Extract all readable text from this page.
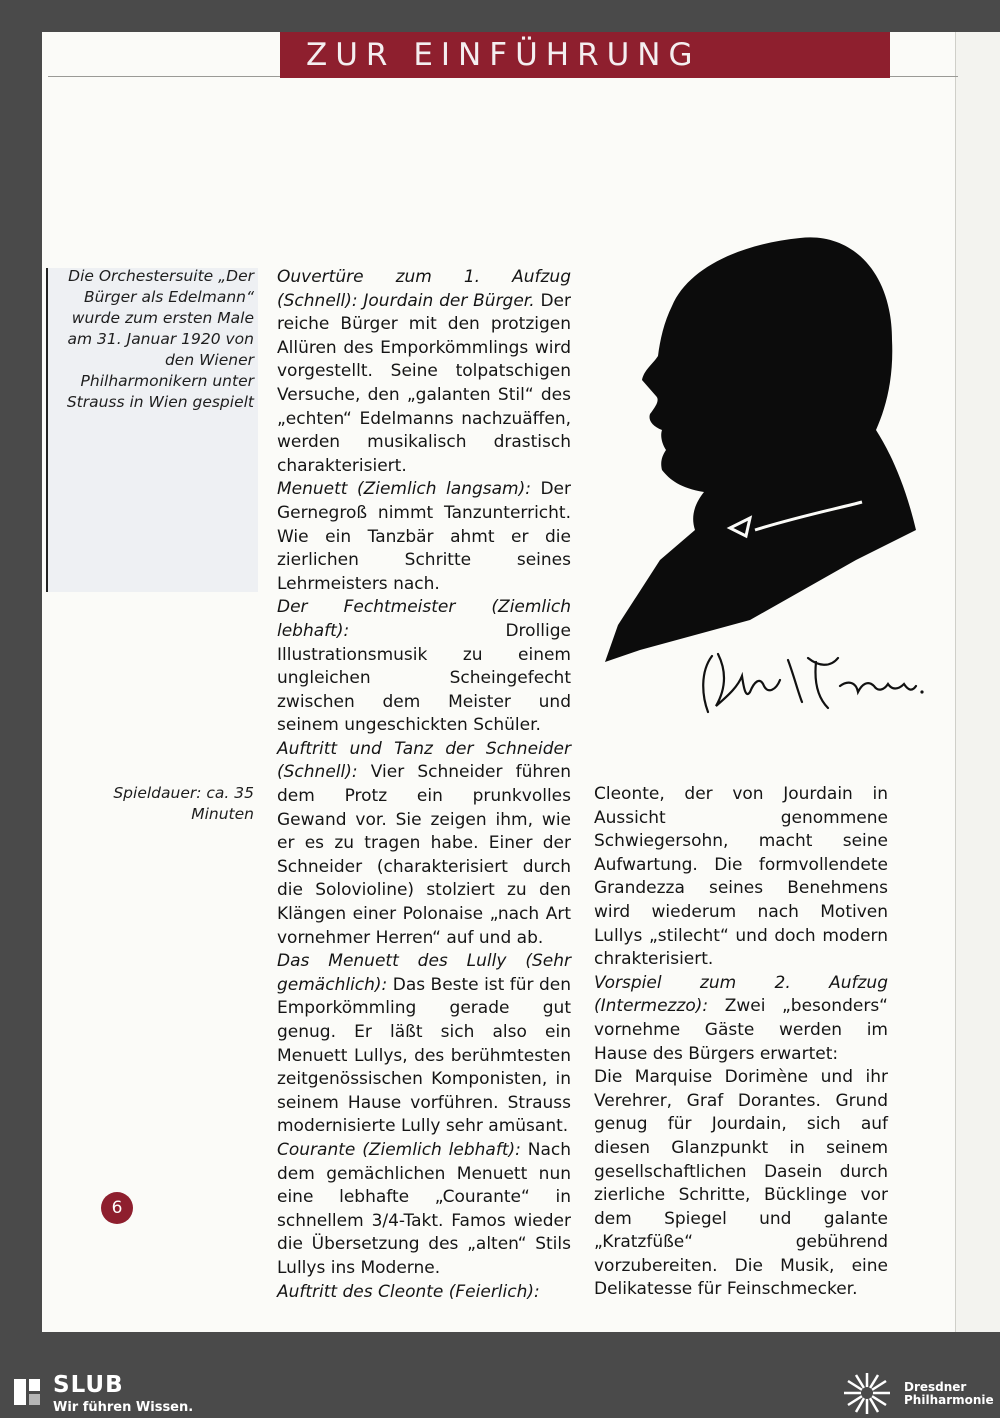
ZUR EINFÜHRUNG
Die Orchestersuite „Der Bürger als Edelmann“ wurde zum ersten Male am 31. Januar 1920 von den Wiener Philharmonikern unter Strauss in Wien gespielt
Spieldauer: ca. 35 Minuten

Ouvertüre zum 1. Aufzug (Schnell): Jourdain der Bürger. Der reiche Bürger mit den protzigen Allüren des Emporkömmlings wird vorgestellt. Seine tolpatschigen Versuche, den „galanten Stil“ des „echten“ Edelmanns nachzuäffen, werden musikalisch drastisch charakterisiert.

Menuett (Ziemlich langsam): Der Gernegroß nimmt Tanzunterricht. Wie ein Tanzbär ahmt er die zierlichen Schritte seines Lehrmeisters nach.

Der Fechtmeister (Ziemlich lebhaft): Drollige Illustrationsmusik zu einem ungleichen Scheingefecht zwischen dem Meister und seinem ungeschickten Schüler.

Auftritt und Tanz der Schneider (Schnell): Vier Schneider führen dem Protz ein prunkvolles Gewand vor. Sie zeigen ihm, wie er es zu tragen habe. Einer der Schneider (charakterisiert durch die Solovioline) stolziert zu den Klängen einer Polonaise „nach Art vornehmer Herren“ auf und ab.

Das Menuett des Lully (Sehr gemächlich): Das Beste ist für den Emporkömmling gerade gut genug. Er läßt sich also ein Menuett Lullys, des berühmtesten zeitgenössischen Komponisten, in seinem Hause vorführen. Strauss modernisierte Lully sehr amüsant.

Courante (Ziemlich lebhaft): Nach dem gemächlichen Menuett nun eine lebhafte „Courante“ in schnellem 3/4-Takt. Famos wieder die Übersetzung des „alten“ Stils Lullys ins Moderne.

Auftritt des Cleonte (Feierlich):

Cleonte, der von Jourdain in Aussicht genommene Schwiegersohn, macht seine Aufwartung. Die formvollendete Grandezza seines Benehmens wird wiederum nach Motiven Lullys „stilecht“ und doch modern chrakterisiert.

Vorspiel zum 2. Aufzug (Intermezzo): Zwei „besonders“ vornehme Gäste werden im Hause des Bürgers erwartet:

Die Marquise Dorimène und ihr Verehrer, Graf Dorantes. Grund genug für Jourdain, sich auf diesen Glanzpunkt in seinem gesellschaftlichen Dasein durch zierliche Schritte, Bücklinge vor dem Spiegel und galante „Kratzfüße“ gebührend vorzubereiten. Die Musik, eine Delikatesse für Feinschmecker.

6
SLUB
Wir führen Wissen.
Dresdner
Philharmonie
